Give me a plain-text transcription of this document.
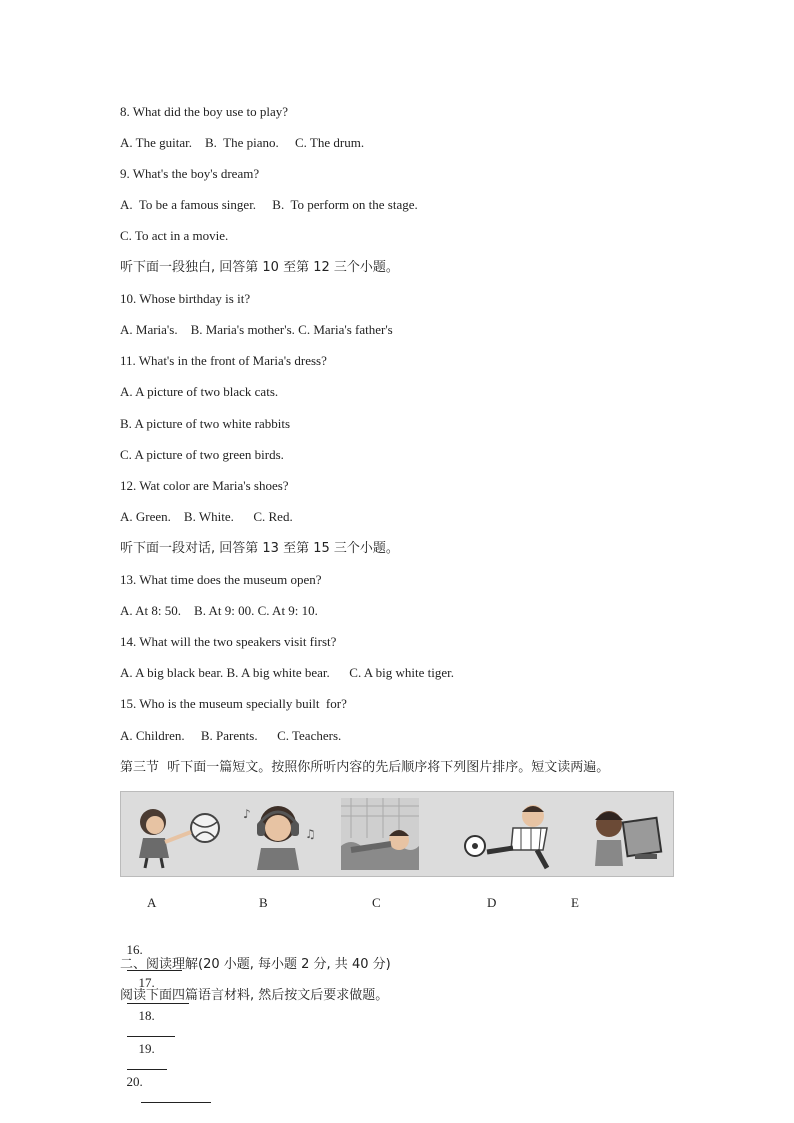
8. What did the boy use to play?
A. The guitar.    B.  The piano.     C. The drum.
9. What's the boy's dream?
A.  To be a famous singer.     B.  To perform on the stage.
C. To act in a movie.
听下面一段独白, 回答第 10 至第 12 三个小题。
10. Whose birthday is it?
A. Maria's.    B. Maria's mother's. C. Maria's father's
11. What's in the front of Maria's dress?
A. A picture of two black cats.
B. A picture of two white rabbits
C. A picture of two green birds.
12. Wat color are Maria's shoes?
A. Green.    B. White.      C. Red.
听下面一段对话, 回答第 13 至第 15 三个小题。
13. What time does the museum open?
A. At 8: 50.    B. At 9: 00. C. At 9: 10.
14. What will the two speakers visit first?
A. A big black bear. B. A big white bear.      C. A big white tiger.
15. Who is the museum specially built  for?
A. Children.     B. Parents.      C. Teachers.
第三节  听下面一篇短文。按照你所听内容的先后顺序将下列图片排序。短文读两遍。
♪
♫
A	B	C	D	E

16.

17.

18.

19.

20.

二、阅读理解(20 小题, 每小题 2 分, 共 40 分)
阅读下面四篇语言材料, 然后按文后要求做题。
